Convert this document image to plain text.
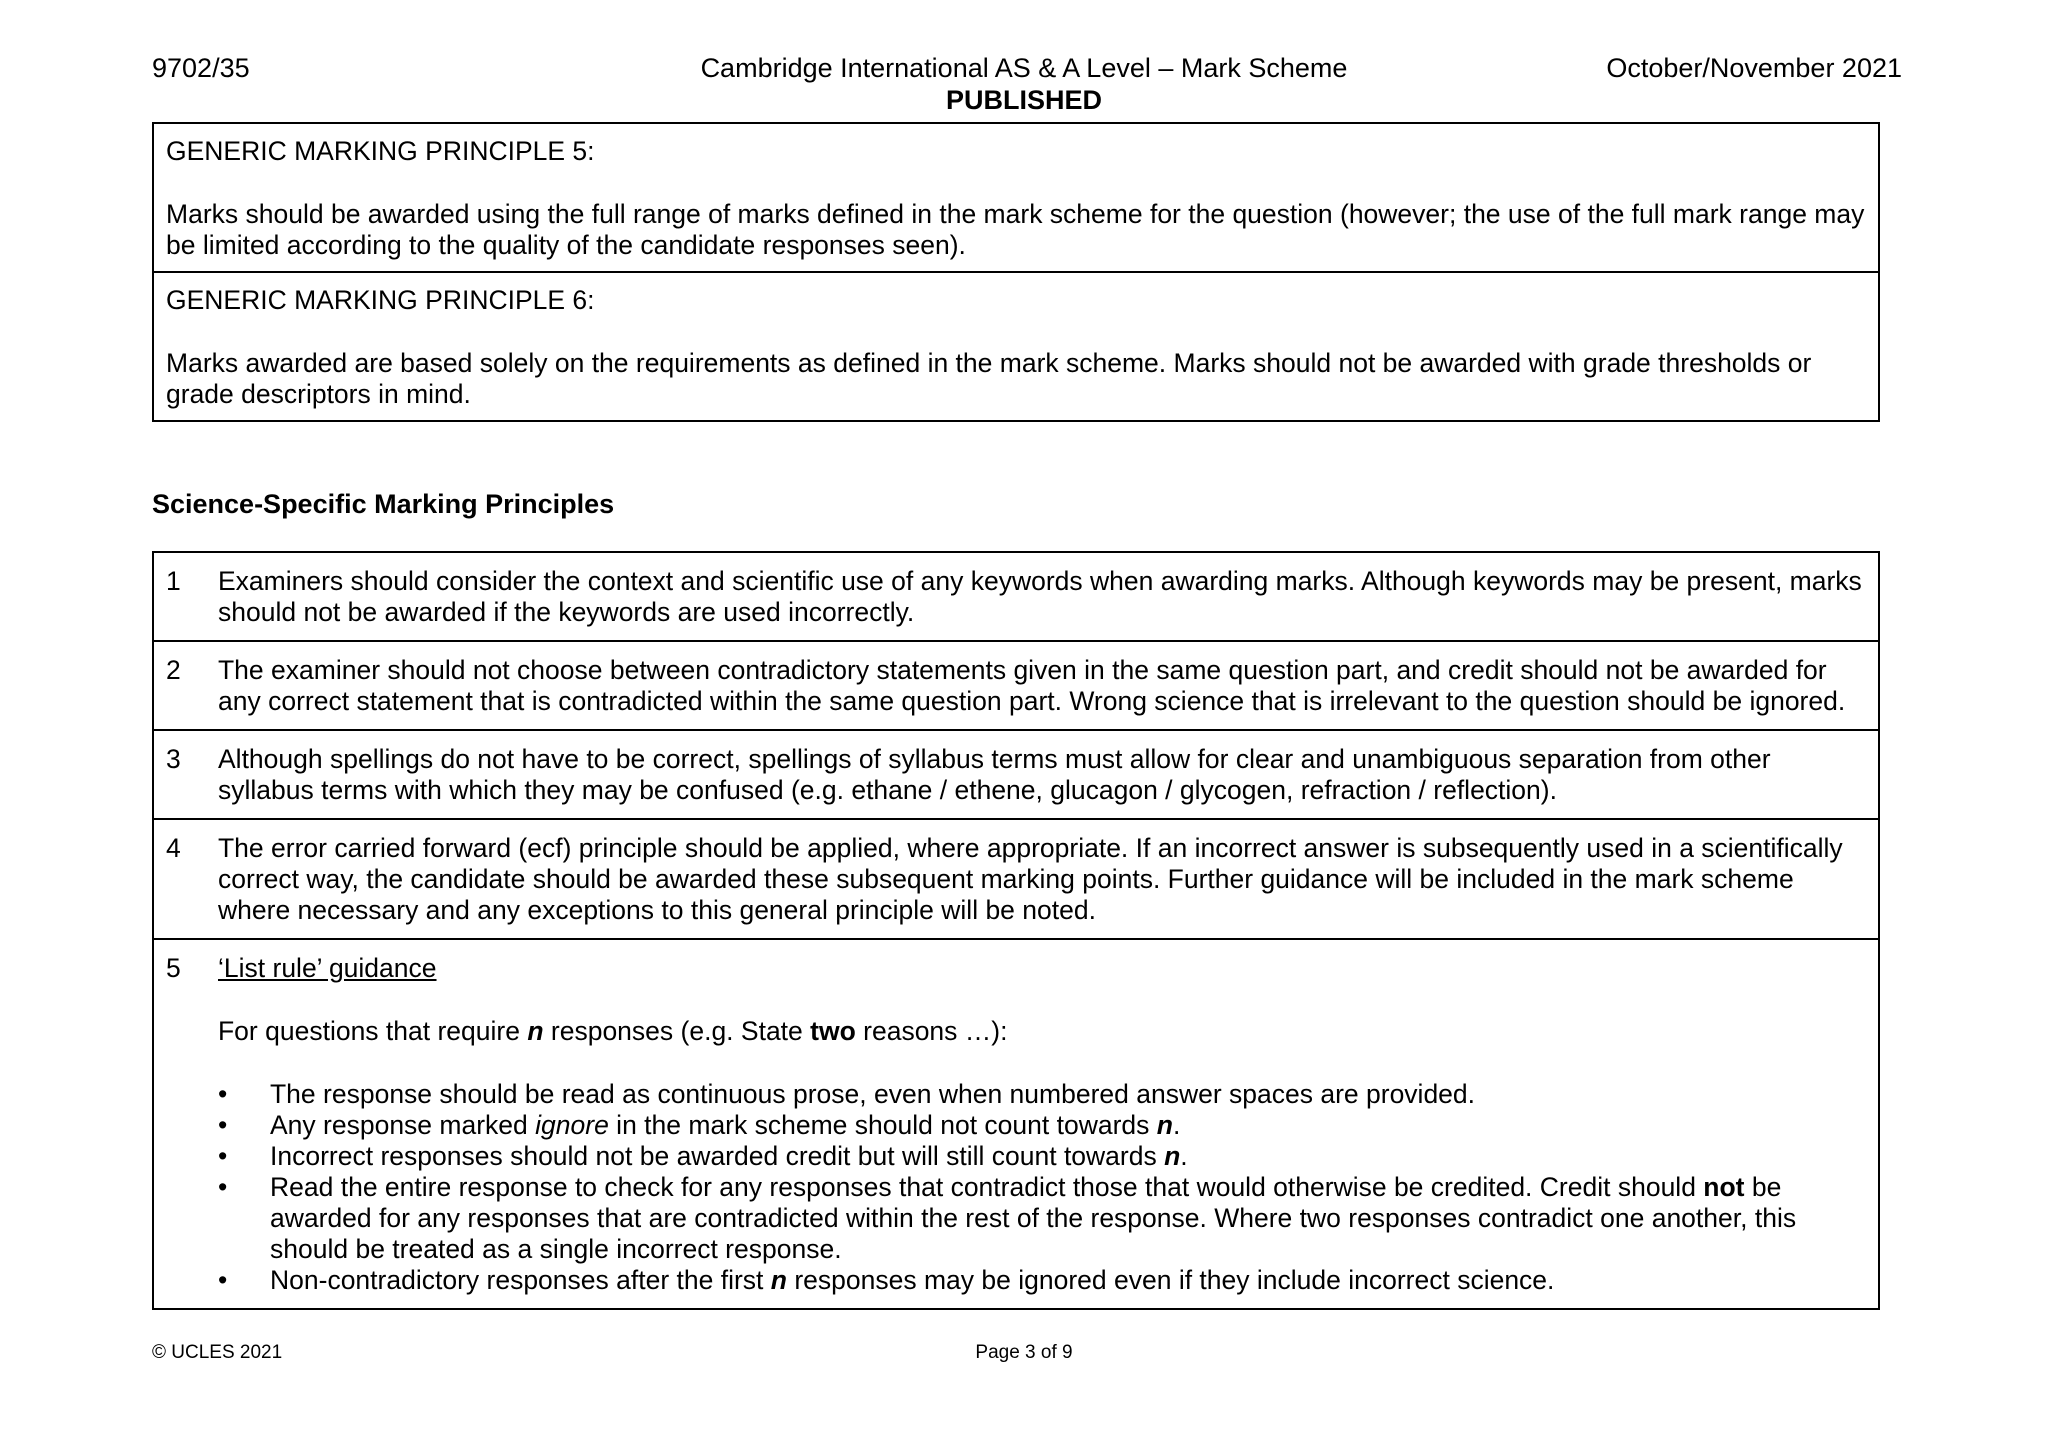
9702/35	Cambridge International AS & A Level – Mark Scheme	October/November 2021
PUBLISHED

GENERIC MARKING PRINCIPLE 5:

Marks should be awarded using the full range of marks defined in the mark scheme for the question (however; the use of the full mark range may be limited according to the quality of the candidate responses seen).

GENERIC MARKING PRINCIPLE 6:

Marks awarded are based solely on the requirements as defined in the mark scheme. Marks should not be awarded with grade thresholds or grade descriptors in mind.

Science-Specific Marking Principles
1	Examiners should consider the context and scientific use of any keywords when awarding marks. Although keywords may be present, marks should not be awarded if the keywords are used incorrectly.

2	The examiner should not choose between contradictory statements given in the same question part, and credit should not be awarded for any correct statement that is contradicted within the same question part. Wrong science that is irrelevant to the question should be ignored.

3	Although spellings do not have to be correct, spellings of syllabus terms must allow for clear and unambiguous separation from other syllabus terms with which they may be confused (e.g. ethane / ethene, glucagon / glycogen, refraction / reflection).

4	The error carried forward (ecf) principle should be applied, where appropriate. If an incorrect answer is subsequently used in a scientifically correct way, the candidate should be awarded these subsequent marking points. Further guidance will be included in the mark scheme where necessary and any exceptions to this general principle will be noted.

5	‘List rule’ guidance
For questions that require n responses (e.g. State two reasons …):
•	The response should be read as continuous prose, even when numbered answer spaces are provided.
•	Any response marked ignore in the mark scheme should not count towards n.
•	Incorrect responses should not be awarded credit but will still count towards n.
•	Read the entire response to check for any responses that contradict those that would otherwise be credited. Credit should not be awarded for any responses that are contradicted within the rest of the response. Where two responses contradict one another, this should be treated as a single incorrect response.
•	Non-contradictory responses after the first n responses may be ignored even if they include incorrect science.
© UCLES 2021	Page 3 of 9
